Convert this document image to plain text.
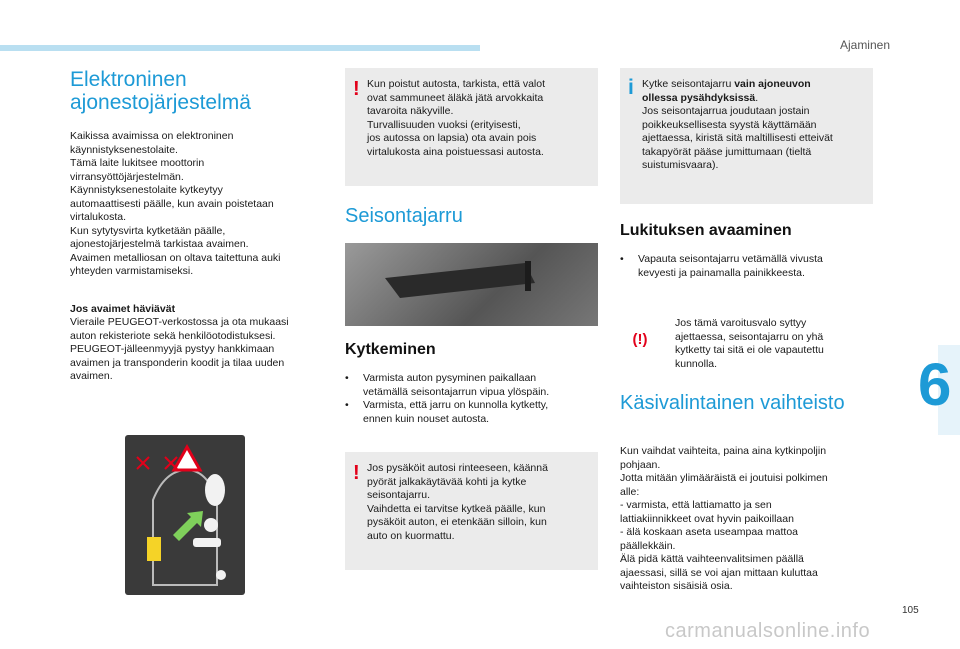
Ajaminen
6
105
carmanualsonline.info
Elektroninen ajonestojärjestelmä

Kaikissa avaimissa on elektroninen
käynnistyksenestolaite.
Tämä laite lukitsee moottorin
virransyöttöjärjestelmän.
Käynnistyksenestolaite kytkeytyy
automaattisesti päälle, kun avain poistetaan
virtalukosta.
Kun sytytysvirta kytketään päälle,
ajonestojärjestelmä tarkistaa avaimen.
Avaimen metalliosan on oltava taitettuna auki
yhteyden varmistamiseksi.

Jos avaimet häviävät

Vieraile PEUGEOT-verkostossa ja ota mukaasi
auton rekisteriote sekä henkilöotodistuksesi.
PEUGEOT-jälleenmyyjä pystyy hankkimaan
avaimen ja transponderin koodit ja tilaa uuden
avaimen.

! Kun poistut autosta, tarkista, että valot
ovat sammuneet äläkä jätä arvokkaita
tavaroita näkyville.
Turvallisuuden vuoksi (erityisesti,
jos autossa on lapsia) ota avain pois
virtalukosta aina poistuessasi autosta.

Seisontajarru
Kytkeminen
•	Varmista auton pysyminen paikallaan
vetämällä seisontajarrun vipua ylöspäin.
•	Varmista, että jarru on kunnolla kytketty,
ennen kuin nouset autosta.
! Jos pysäköit autosi rinteeseen, käännä
pyörät jalkakäytävää kohti ja kytke
seisontajarru.
Vaihdetta ei tarvitse kytkeä päälle, kun
pysäköit auton, ei etenkään silloin, kun
auto on kuormattu.

i Kytke seisontajarru vain ajoneuvon
ollessa pysähdyksissä.
Jos seisontajarrua joudutaan jostain
poikkeuksellisesta syystä käyttämään
ajettaessa, kiristä sitä maltillisesti etteivät
takapyörät pääse jumittumaan (tieltä
suistumisvaara).

Lukituksen avaaminen
•	Vapauta seisontajarru vetämällä vivusta
kevyesti ja painamalla painikkeesta.
(!)

Jos tämä varoitusvalo syttyy
ajettaessa, seisontajarru on yhä
kytketty tai sitä ei ole vapautettu
kunnolla.

Käsivalintainen vaihteisto

Kun vaihdat vaihteita, paina aina kytkinpoljin
pohjaan.
Jotta mitään ylimääräistä ei joutuisi polkimen
alle:
- varmista, että lattiamatto ja sen
lattiakiinnikkeet ovat hyvin paikoillaan
- älä koskaan aseta useampaa mattoa
päällekkäin.
Älä pidä kättä vaihteenvalitsimen päällä
ajaessasi, sillä se voi ajan mittaan kuluttaa
vaihteiston sisäisiä osia.
